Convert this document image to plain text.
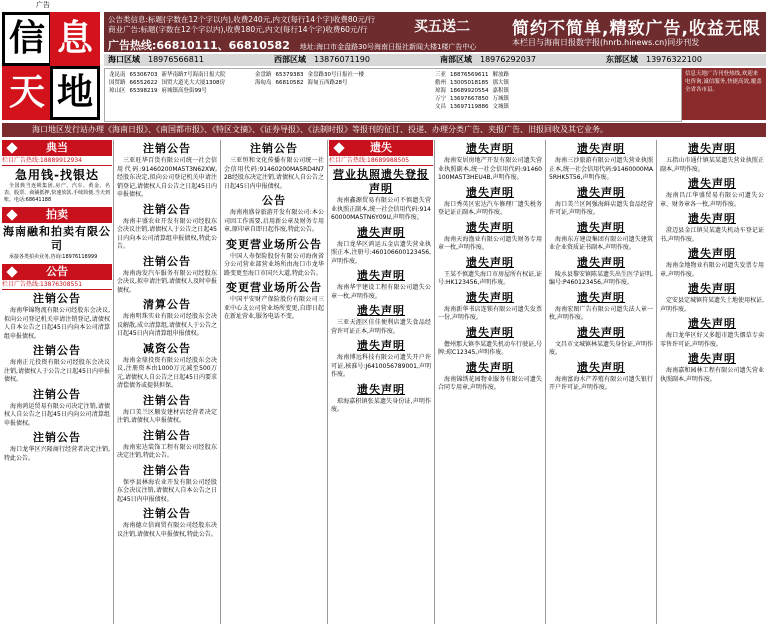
广告
信 息
天 地
公告类信息:标题(字数在12个字以内),收费240元,内文(每行14个字)收费80元/行
商业广告:标题(字数在12个字以内),收费180元,内文(每行14个字)收费60元/行
广告热线:66810111、66810582 地址:海口市金盘路30号海南日报社新闻大楼1楼广告中心
买五送二 简约不简单,精致广告,收益无限
本栏目与海南日报数字报(hnrb.hinews.cn)同步刊发
海口区域 18976566811	西部区域 13876071190	南部区域 18976292037	东部区域 13976322100
龙昆南 65306703 新华南路7号海南日报大院
国贸路 66552622 国贸大道光大大厦1308房
琼山区 65398219 府城镇高登街99号
金盘路 65379383 金盘路30号日报社一楼
海甸岛 66810582 海甸五西路28号
三亚 18876569611 解放路
儋州 13005018185 那大镇
琼海 18689920554 嘉积镇
万宁 13697667850 万城镇
文昌 13697119886 文城镇
信息天地广告刊登热线,欢迎来电咨询,诚信服务,快捷高效,覆盖全省各市县。
海口地区发行站办理《海南日报》、《南国都市报》、《特区文摘》、《证券导报》、《法制时报》等报刊的征订、投递、办理分类广告、夹报广告、旧报回收及其它业务。
典当
栏目广告热线:18889912934
急用钱-找银达
全国典当连锁集团,房产、汽车、黄金、名表、股票、商铺抵押,快速放款,手续简便,当天到账。电话:68641188
拍卖
海南融和拍卖有限公司
承接各类拍卖业务,咨询:18976118999
公告
栏目广告热线:13876308551
注销公告
海南华锦物流有限公司经股东会决议,拟向公司登记机关申请注销登记,请债权人自本公告之日起45日内向本公司清算组申报债权。
注销公告
海南正元投资有限公司经股东会决议注销,请债权人于公告之日起45日内申报债权。
注销公告
海南鸿运贸易有限公司决定注销,请债权人自公告之日起45日内向公司清算组申报债权。
注销公告
海口龙华区兴隆商行经营者决定注销,特此公告。
注销公告
三亚旺华百货有限公司统一社会信用代码:91460200MA5T3N62XW,经股东决定,拟向公司登记机关申请注销登记,请债权人自公告之日起45日内申报债权。
注销公告
海南丰盛农业开发有限公司经股东会决议注销,请债权人于公告之日起45日内向本公司清算组申报债权,特此公告。
注销公告
海南海发汽车服务有限公司经股东会决议,拟申请注销,请债权人及时申报债权。
清算公告
海南明珠实业有限公司经股东会决议解散,成立清算组,请债权人于公告之日起45日内向清算组申报债权。
减资公告
海南金鼎投资有限公司经股东会决议,注册资本由1000万元减至500万元,请债权人自公告之日起45日内要求清偿债务或提供担保。
注销公告
海口美兰区顺发建材店经营者决定注销,请债权人申报债权。
注销公告
海南宏达装饰工程有限公司经股东决定注销,特此公告。
注销公告
保亭县林海农业开发有限公司经股东会决议注销,请债权人自本公告之日起45日内申报债权。
注销公告
海南德立信商贸有限公司经股东决议注销,请债权人申报债权,特此公告。
注销公告
三亚恒和文化传播有限公司统一社会信用代码:91460200MA5RD4N72B经股东决定注销,请债权人自公告之日起45日内申报债权。
公告
海南南盛谷旅游开发有限公司:本公司因工作需要,启用新公章及财务专用章,原印章自即日起作废,特此公告。
变更营业场所公告
中国人寿保险股份有限公司海南省分公司营业部营业场所由海口市龙华路变更至海口市国兴大道,特此公告。
变更营业场所公告
中国平安财产保险股份有限公司三亚中心支公司营业场所变更,自即日起在新址营业,服务电话不变。
遗失
栏目广告热线:18689988505
营业执照遗失登报声明
海南鑫源贸易有限公司不慎遗失营业执照正副本,统一社会信用代码:91460000MA5TN6Y09U,声明作废。
遗失声明
海口龙华区鸿运五金店遗失营业执照正本,注册号:460106600123456,声明作废。
遗失声明
海南华宇建设工程有限公司遗失公章一枚,声明作废。
遗失声明
三亚天涯区佳佳便利店遗失食品经营许可证正本,声明作废。
遗失声明
海南博远科技有限公司遗失开户许可证,核准号:J6410056789001,声明作废。
遗失声明
琼海嘉积镇张某遗失身份证,声明作废。
遗失声明
海南安居房地产开发有限公司遗失营业执照副本,统一社会信用代码:91460100MA5T3HEU4B,声明作废。
遗失声明
海口秀英区宏达汽车修理厂遗失税务登记证正副本,声明作废。
遗失声明
海南天海渔业有限公司遗失财务专用章一枚,声明作废。
遗失声明
王某不慎遗失海口市房屋所有权证,证号:HK123456,声明作废。
遗失声明
海南新华书店连锁有限公司遗失发票一份,声明作废。
遗失声明
儋州那大镇李某遗失机动车行驶证,号牌:琼C12345,声明作废。
遗失声明
海南锦绣花园物业服务有限公司遗失合同专用章,声明作废。
遗失声明
海南三沙旅游有限公司遗失营业执照正本,统一社会信用代码:91460000MA5RHK5T56,声明作废。
遗失声明
海口美兰区阿强海鲜店遗失食品经营许可证,声明作废。
遗失声明
海南东方建设集团有限公司遗失建筑业企业资质证书副本,声明作废。
遗失声明
陵水县黎安镇陈某遗失出生医学证明,编号:P460123456,声明作废。
遗失声明
海南宏图广告有限公司遗失法人章一枚,声明作废。
遗失声明
文昌市文城镇林某遗失身份证,声明作废。
遗失声明
海南富海水产养殖有限公司遗失银行开户许可证,声明作废。
遗失声明
五指山市通什镇某某遗失营业执照正副本,声明作废。
遗失声明
海南昌江华盛贸易有限公司遗失公章、财务章各一枚,声明作废。
遗失声明
澄迈县金江镇吴某遗失机动车登记证书,声明作废。
遗失声明
海南金地物业有限公司遗失发票专用章,声明作废。
遗失声明
定安县定城镇符某遗失土地使用权证,声明作废。
遗失声明
海口龙华区好又多超市遗失烟草专卖零售许可证,声明作废。
遗失声明
海南嘉和园林工程有限公司遗失营业执照副本,声明作废。
